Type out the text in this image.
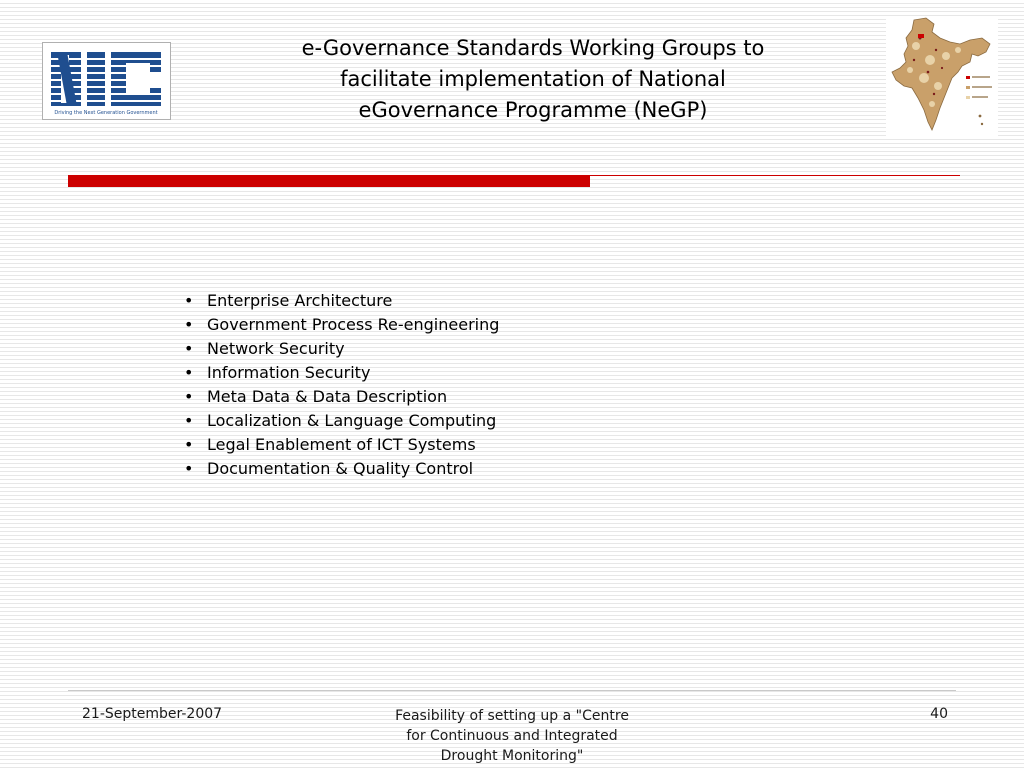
Driving the Next Generation Government
e-Governance Standards Working Groups to
facilitate implementation of National
eGovernance Programme (NeGP)
• Enterprise Architecture
• Government Process Re-engineering
• Network Security
• Information Security
• Meta Data & Data Description
• Localization & Language Computing
• Legal Enablement of ICT Systems
• Documentation & Quality Control
21-September-2007	Feasibility of setting up a "Centre
for Continuous and Integrated
Drought Monitoring"
40
